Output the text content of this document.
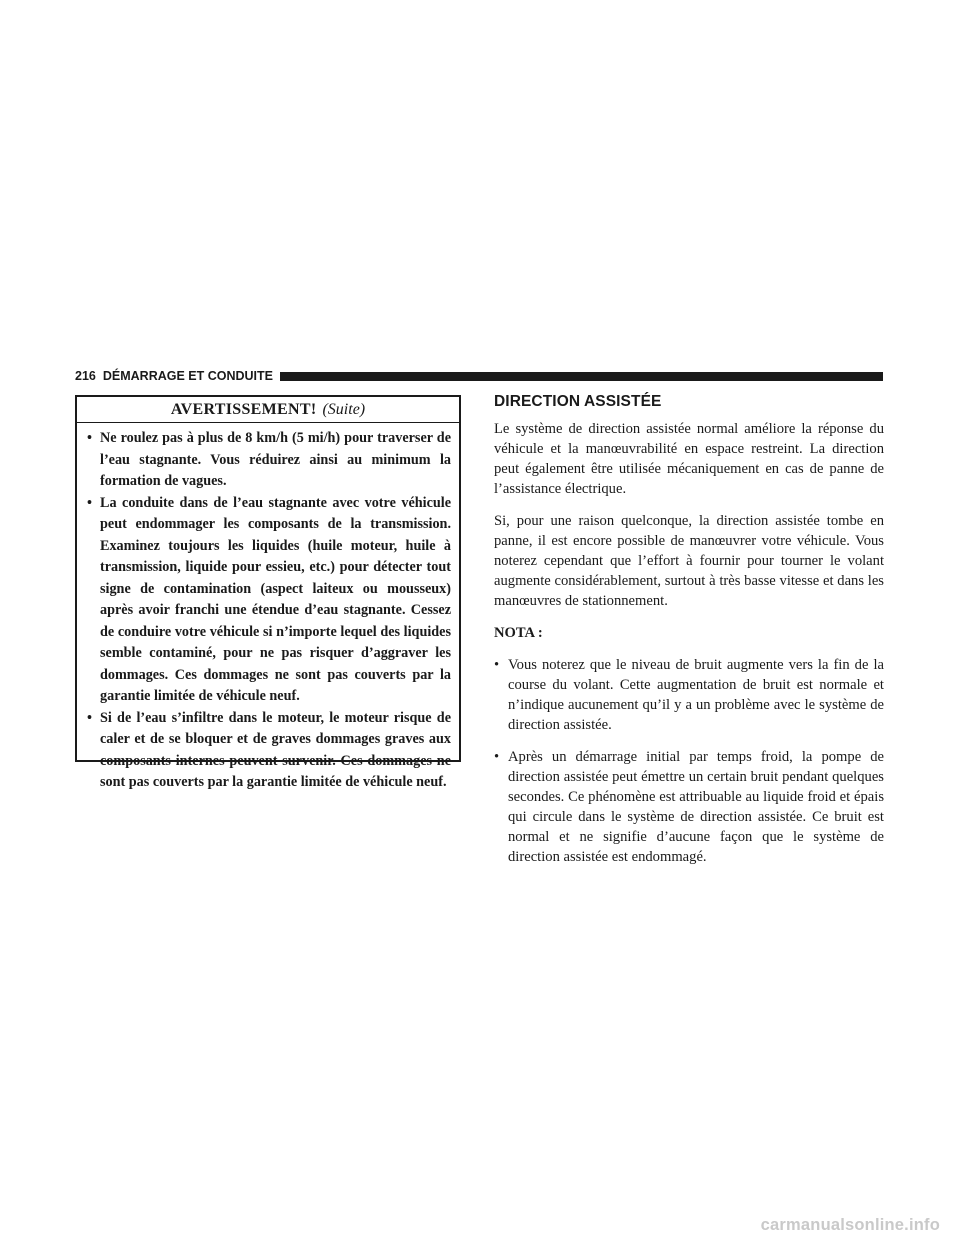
216 DÉMARRAGE ET CONDUITE
AVERTISSEMENT! (Suite)
• Ne roulez pas à plus de 8 km/h (5 mi/h) pour traverser de l’eau stagnante. Vous réduirez ainsi au minimum la formation de vagues.
• La conduite dans de l’eau stagnante avec votre véhicule peut endommager les composants de la transmission. Examinez toujours les liquides (huile moteur, huile à transmission, liquide pour essieu, etc.) pour détecter tout signe de contamination (aspect laiteux ou mousseux) après avoir franchi une étendue d’eau stagnante. Cessez de conduire votre véhicule si n’importe lequel des liquides semble contaminé, pour ne pas risquer d’aggraver les dommages. Ces dommages ne sont pas couverts par la garantie limitée de véhicule neuf.
• Si de l’eau s’infiltre dans le moteur, le moteur risque de caler et de se bloquer et de graves dommages graves aux composants internes peuvent survenir. Ces dommages ne sont pas couverts par la garantie limitée de véhicule neuf.
DIRECTION ASSISTÉE

Le système de direction assistée normal améliore la réponse du véhicule et la manœuvrabilité en espace restreint. La direction peut également être utilisée mécaniquement en cas de panne de l’assistance électrique.

Si, pour une raison quelconque, la direction assistée tombe en panne, il est encore possible de manœuvrer votre véhicule. Vous noterez cependant que l’effort à fournir pour tourner le volant augmente considérablement, surtout à très basse vitesse et dans les manœuvres de stationnement.

NOTA :
• Vous noterez que le niveau de bruit augmente vers la fin de la course du volant. Cette augmentation de bruit est normale et n’indique aucunement qu’il y a un problème avec le système de direction assistée.
• Après un démarrage initial par temps froid, la pompe de direction assistée peut émettre un certain bruit pendant quelques secondes. Ce phénomène est attribuable au liquide froid et épais qui circule dans le système de direction assistée. Ce bruit est normal et ne signifie d’aucune façon que le système de direction assistée est endommagé.
carmanualsonline.info
